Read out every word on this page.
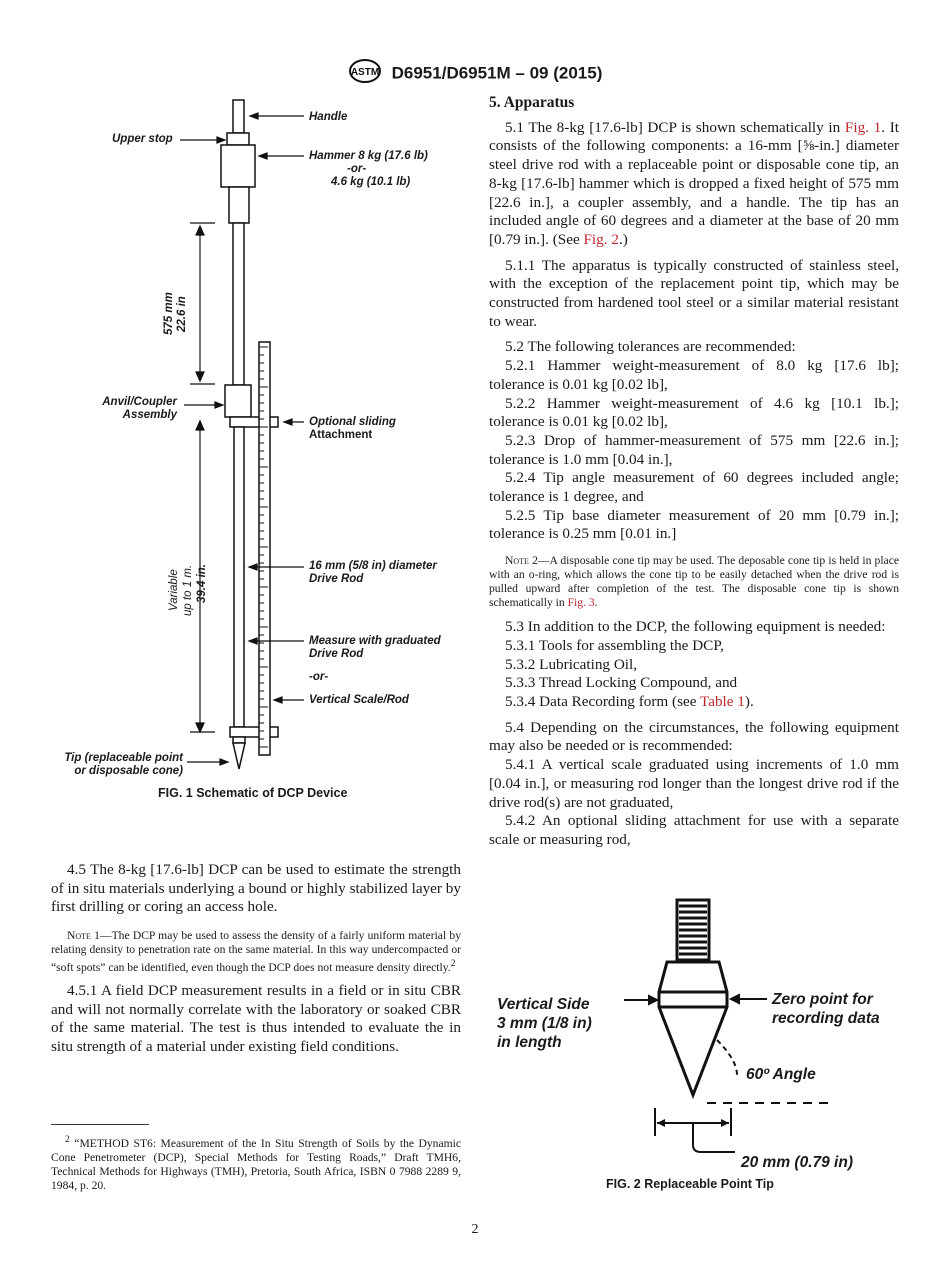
ASTM D6951/D6951M – 09 (2015)
Handle
Upper stop
Hammer 8 kg (17.6 lb)
-or-
4.6 kg (10.1 lb)
575 mm 22.6 in
Anvil/Coupler
Assembly
Optional sliding
Attachment
Variable up to 1 m. 39.4 in.	16 mm (5/8 in) diameter
Drive Rod
Measure with graduated
Drive Rod
-or-
Vertical Scale/Rod
Tip (replaceable point
or disposable cone)
FIG. 1 Schematic of DCP Device

4.5 The 8-kg [17.6-lb] DCP can be used to estimate the strength of in situ materials underlying a bound or highly stabilized layer by first drilling or coring an access hole.

Note 1—The DCP may be used to assess the density of a fairly uniform material by relating density to penetration rate on the same material. In this way undercompacted or “soft spots” can be identified, even though the DCP does not measure density directly.$^2$

4.5.1 A field DCP measurement results in a field or in situ CBR and will not normally correlate with the laboratory or soaked CBR of the same material. The test is thus intended to evaluate the in situ strength of a material under existing field conditions.

$^2$ “METHOD ST6: Measurement of the In Situ Strength of Soils by the Dynamic Cone Penetrometer (DCP), Special Methods for Testing Roads,” Draft TMH6, Technical Methods for Highways (TMH), Pretoria, South Africa, ISBN 0 7988 2289 9, 1984, p. 20.

5. Apparatus

5.1 The 8-kg [17.6-lb] DCP is shown schematically in Fig. 1. It consists of the following components: a 16-mm [⅝-in.] diameter steel drive rod with a replaceable point or disposable cone tip, an 8-kg [17.6-lb] hammer which is dropped a fixed height of 575 mm [22.6 in.], a coupler assembly, and a handle. The tip has an included angle of 60 degrees and a diameter at the base of 20 mm [0.79 in.]. (See Fig. 2.)

5.1.1 The apparatus is typically constructed of stainless steel, with the exception of the replacement point tip, which may be constructed from hardened tool steel or a similar material resistant to wear.

5.2 The following tolerances are recommended:

5.2.1 Hammer weight-measurement of 8.0 kg [17.6 lb]; tolerance is 0.01 kg [0.02 lb],

5.2.2 Hammer weight-measurement of 4.6 kg [10.1 lb.]; tolerance is 0.01 kg [0.02 lb],

5.2.3 Drop of hammer-measurement of 575 mm [22.6 in.]; tolerance is 1.0 mm [0.04 in.],

5.2.4 Tip angle measurement of 60 degrees included angle; tolerance is 1 degree, and

5.2.5 Tip base diameter measurement of 20 mm [0.79 in.]; tolerance is 0.25 mm [0.01 in.]

Note 2—A disposable cone tip may be used. The deposable cone tip is held in place with an o-ring, which allows the cone tip to be easily detached when the drive rod is pulled upward after completion of the test. The disposable cone tip is shown schematically in Fig. 3.

5.3 In addition to the DCP, the following equipment is needed:

5.3.1 Tools for assembling the DCP,

5.3.2 Lubricating Oil,

5.3.3 Thread Locking Compound, and

5.3.4 Data Recording form (see Table 1).

5.4 Depending on the circumstances, the following equipment may also be needed or is recommended:

5.4.1 A vertical scale graduated using increments of 1.0 mm [0.04 in.], or measuring rod longer than the longest drive rod if the drive rod(s) are not graduated,

5.4.2 An optional sliding attachment for use with a separate scale or measuring rod,

Vertical Side
3 mm (1/8 in)
in length
Zero point for
recording data
60º Angle
20 mm (0.79 in)
FIG. 2 Replaceable Point Tip
2
